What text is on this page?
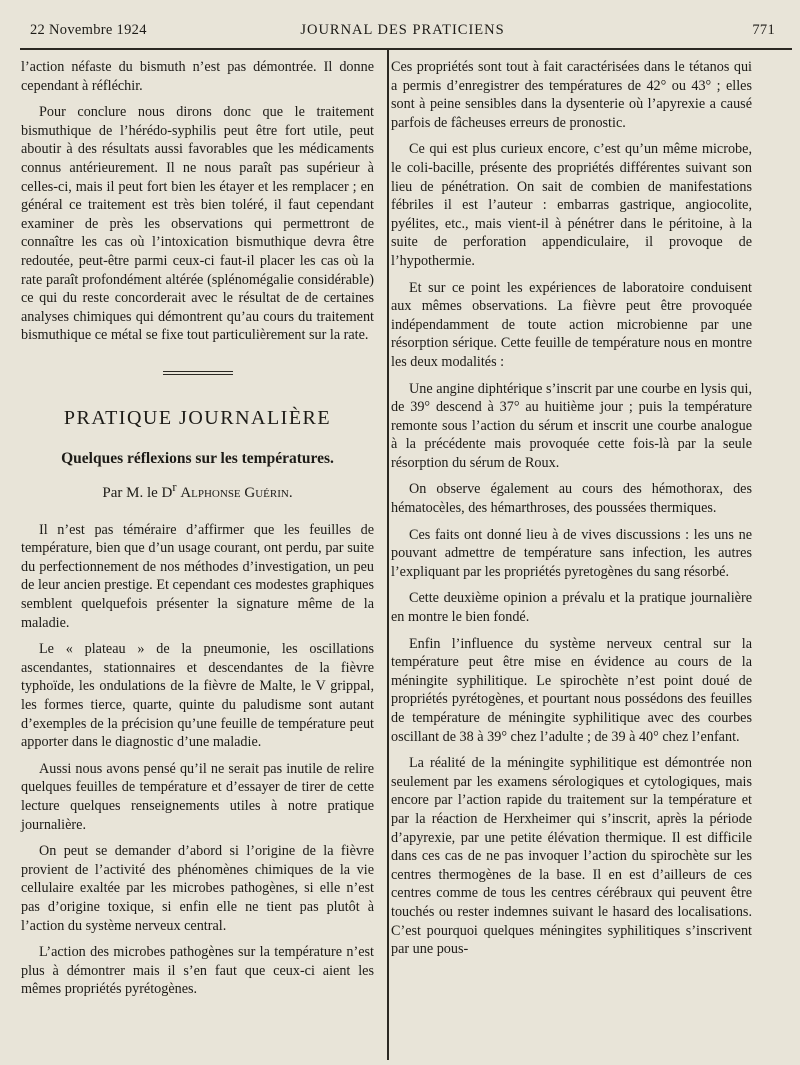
22 Novembre 1924	JOURNAL DES PRATICIENS	771

l’action néfaste du bismuth n’est pas démontrée. Il donne cependant à réfléchir.

Pour conclure nous dirons donc que le traitement bismuthique de l’hérédo-syphilis peut être fort utile, peut aboutir à des résultats aussi favorables que les médicaments connus antérieurement. Il ne nous paraît pas supérieur à celles-ci, mais il peut fort bien les étayer et les remplacer ; en général ce traitement est très bien toléré, il faut cependant examiner de près les observations qui permettront de connaître les cas où l’intoxication bismuthique devra être redoutée, peut-être parmi ceux-ci faut-il placer les cas où la rate paraît profondément altérée (splénomégalie considérable) ce qui du reste concorderait avec le résultat de de certaines analyses chimiques qui démontrent qu’au cours du traitement bismuthique ce métal se fixe tout particulièrement sur la rate.

PRATIQUE JOURNALIÈRE
Quelques réflexions sur les températures.
Par M. le $D^r$ Alphonse Guérin.

Il n’est pas téméraire d’affirmer que les feuilles de température, bien que d’un usage courant, ont perdu, par suite du perfectionnement de nos méthodes d’investigation, un peu de leur ancien prestige. Et cependant ces modestes graphiques semblent quelquefois présenter la signature même de la maladie.

Le « plateau » de la pneumonie, les oscillations ascendantes, stationnaires et descendantes de la fièvre typhoïde, les ondulations de la fièvre de Malte, le V grippal, les formes tierce, quarte, quinte du paludisme sont autant d’exemples de la précision qu’une feuille de température peut apporter dans le diagnostic d’une maladie.

Aussi nous avons pensé qu’il ne serait pas inutile de relire quelques feuilles de température et d’essayer de tirer de cette lecture quelques renseignements utiles à notre pratique journalière.

On peut se demander d’abord si l’origine de la fièvre provient de l’activité des phénomènes chimiques de la vie cellulaire exaltée par les microbes pathogènes, si elle n’est pas d’origine toxique, si enfin elle ne tient pas plutôt à l’action du système nerveux central.

L’action des microbes pathogènes sur la température n’est plus à démontrer mais il s’en faut que ceux-ci aient les mêmes propriétés pyrétogènes.

Ces propriétés sont tout à fait caractérisées dans le tétanos qui a permis d’enregistrer des températures de 42° ou 43° ; elles sont à peine sensibles dans la dysenterie où l’apyrexie a causé parfois de fâcheuses erreurs de pronostic.

Ce qui est plus curieux encore, c’est qu’un même microbe, le coli-bacille, présente des propriétés différentes suivant son lieu de pénétration. On sait de combien de manifestations fébriles il est l’auteur : embarras gastrique, angiocolite, pyélites, etc., mais vient-il à pénétrer dans le péritoine, à la suite de perforation appendiculaire, il provoque de l’hypothermie.

Et sur ce point les expériences de laboratoire conduisent aux mêmes observations. La fièvre peut être provoquée indépendamment de toute action microbienne par une résorption sérique. Cette feuille de température nous en montre les deux modalités :

Une angine diphtérique s’inscrit par une courbe en lysis qui, de 39° descend à 37° au huitième jour ; puis la température remonte sous l’action du sérum et inscrit une courbe analogue à la précédente mais provoquée cette fois-là par la seule résorption du sérum de Roux.

On observe également au cours des hémothorax, des hématocèles, des hémarthroses, des poussées thermiques.

Ces faits ont donné lieu à de vives discussions : les uns ne pouvant admettre de température sans infection, les autres l’expliquant par les propriétés pyretogènes du sang résorbé.

Cette deuxième opinion a prévalu et la pratique journalière en montre le bien fondé.

Enfin l’influence du système nerveux central sur la température peut être mise en évidence au cours de la méningite syphilitique. Le spirochète n’est point doué de propriétés pyrétogènes, et pourtant nous possédons des feuilles de température de méningite syphilitique avec des courbes oscillant de 38 à 39° chez l’adulte ; de 39 à 40° chez l’enfant.

La réalité de la méningite syphilitique est démontrée non seulement par les examens sérologiques et cytologiques, mais encore par l’action rapide du traitement sur la température et par la réaction de Herxheimer qui s’inscrit, après la période d’apyrexie, par une petite élévation thermique. Il est difficile dans ces cas de ne pas invoquer l’action du spirochète sur les centres thermogènes de la base. Il en est d’ailleurs de ces centres comme de tous les centres cérébraux qui peuvent être touchés ou rester indemnes suivant le hasard des localisations. C’est pourquoi quelques méningites syphilitiques s’inscrivent par une pous-
